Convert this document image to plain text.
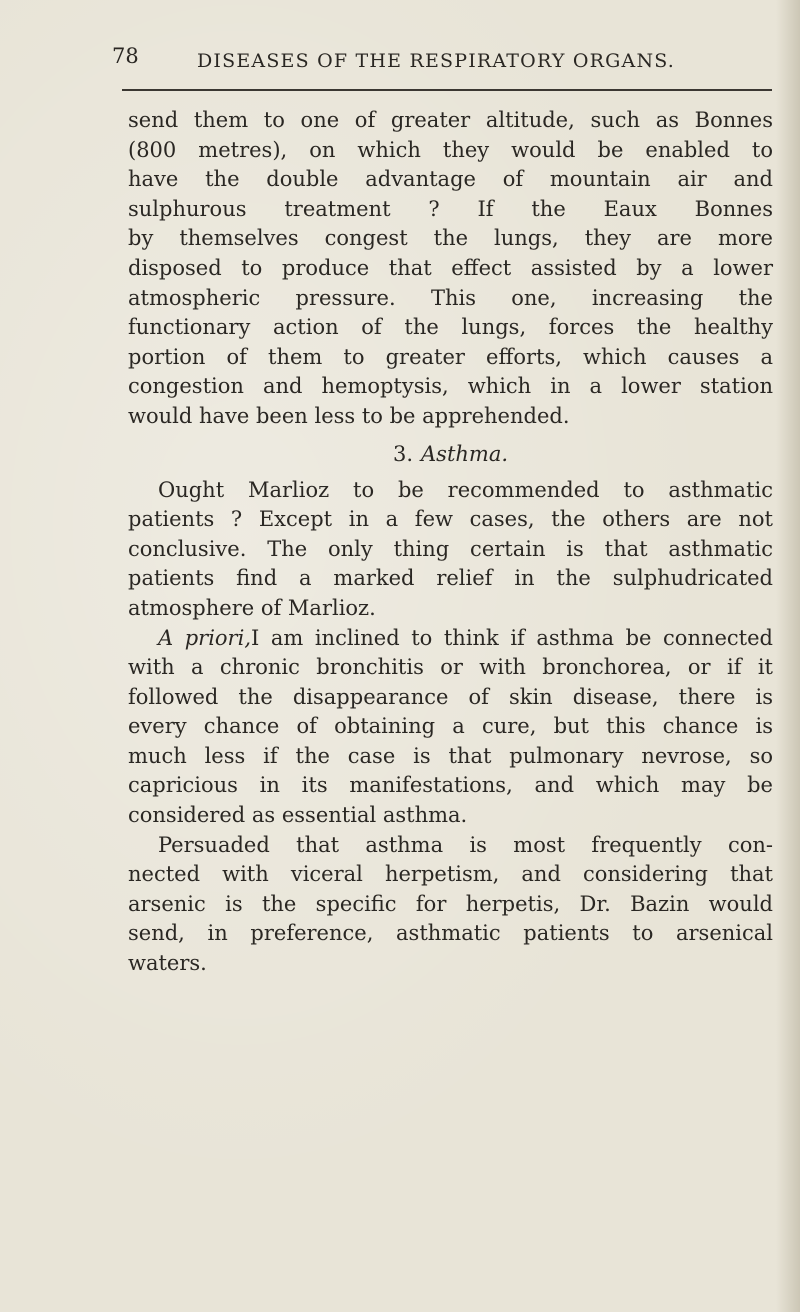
78	DISEASES OF THE RESPIRATORY ORGANS.
send them to one of greater altitude, such as Bonnes
(800 metres), on which they would be enabled to
have the double advantage of mountain air and
sulphurous treatment ? If the Eaux Bonnes
by themselves congest the lungs, they are more
disposed to produce that effect assisted by a lower
atmospheric pressure. This one, increasing the
functionary action of the lungs, forces the healthy
portion of them to greater efforts, which causes a
congestion and hemoptysis, which in a lower station
would have been less to be apprehended.
3. Asthma.
Ought Marlioz to be recommended to asthmatic
patients ? Except in a few cases, the others are not
conclusive. The only thing certain is that asthmatic
patients find a marked relief in the sulphudricated
atmosphere of Marlioz.
A priori,I am inclined to think if asthma be connected
with a chronic bronchitis or with bronchorea, or if it
followed the disappearance of skin disease, there is
every chance of obtaining a cure, but this chance is
much less if the case is that pulmonary nevrose, so
capricious in its manifestations, and which may be
considered as essential asthma.
Persuaded that asthma is most frequently con-
nected with viceral herpetism, and considering that
arsenic is the specific for herpetis, Dr. Bazin would
send, in preference, asthmatic patients to arsenical
waters.
